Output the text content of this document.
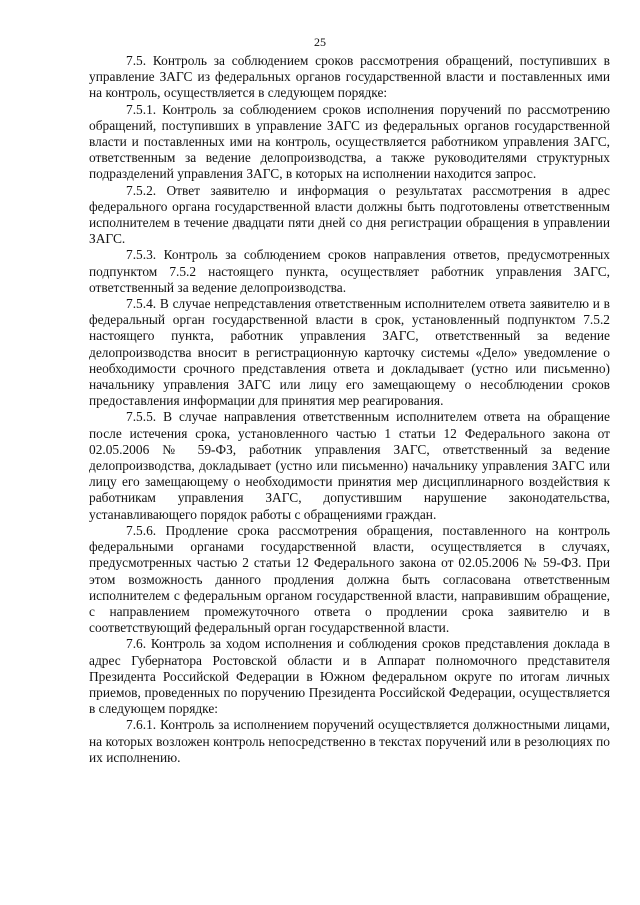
25

7.5. Контроль за соблюдением сроков рассмотрения обращений, поступивших в управление ЗАГС из федеральных органов государственной власти и поставленных ими на контроль, осуществляется в следующем порядке:

7.5.1. Контроль за соблюдением сроков исполнения поручений по рассмотрению обращений, поступивших в управление ЗАГС из федеральных органов государственной власти и поставленных ими на контроль, осуществляется работником управления ЗАГС, ответственным за ведение делопроизводства, а также руководителями структурных подразделений управления ЗАГС, в которых на исполнении находится запрос.

7.5.2. Ответ заявителю и информация о результатах рассмотрения в адрес федерального органа государственной власти должны быть подготовлены ответственным исполнителем в течение двадцати пяти дней со дня регистрации обращения в управлении ЗАГС.

7.5.3. Контроль за соблюдением сроков направления ответов, предусмотренных подпунктом 7.5.2 настоящего пункта, осуществляет работник управления ЗАГС, ответственный за ведение делопроизводства.

7.5.4. В случае непредставления ответственным исполнителем ответа заявителю и в федеральный орган государственной власти в срок, установленный подпунктом 7.5.2 настоящего пункта, работник управления ЗАГС, ответственный за ведение делопроизводства вносит в регистрационную карточку системы «Дело» уведомление о необходимости срочного представления ответа и докладывает (устно или письменно) начальнику управления ЗАГС или лицу его замещающему о несоблюдении сроков предоставления информации для принятия мер реагирования.

7.5.5. В случае направления ответственным исполнителем ответа на обращение после истечения срока, установленного частью 1 статьи 12 Федерального закона от 02.05.2006 № 59-ФЗ, работник управления ЗАГС, ответственный за ведение делопроизводства, докладывает (устно или письменно) начальнику управления ЗАГС или лицу его замещающему о необходимости принятия мер дисциплинарного воздействия к работникам управления ЗАГС, допустившим нарушение законодательства, устанавливающего порядок работы с обращениями граждан.

7.5.6. Продление срока рассмотрения обращения, поставленного на контроль федеральными органами государственной власти, осуществляется в случаях, предусмотренных частью 2 статьи 12 Федерального закона от 02.05.2006 № 59-ФЗ. При этом возможность данного продления должна быть согласована ответственным исполнителем с федеральным органом государственной власти, направившим обращение, с направлением промежуточного ответа о продлении срока заявителю и в соответствующий федеральный орган государственной власти.

7.6. Контроль за ходом исполнения и соблюдения сроков представления доклада в адрес Губернатора Ростовской области и в Аппарат полномочного представителя Президента Российской Федерации в Южном федеральном округе по итогам личных приемов, проведенных по поручению Президента Российской Федерации, осуществляется в следующем порядке:

7.6.1. Контроль за исполнением поручений осуществляется должностными лицами, на которых возложен контроль непосредственно в текстах поручений или в резолюциях по их исполнению.
